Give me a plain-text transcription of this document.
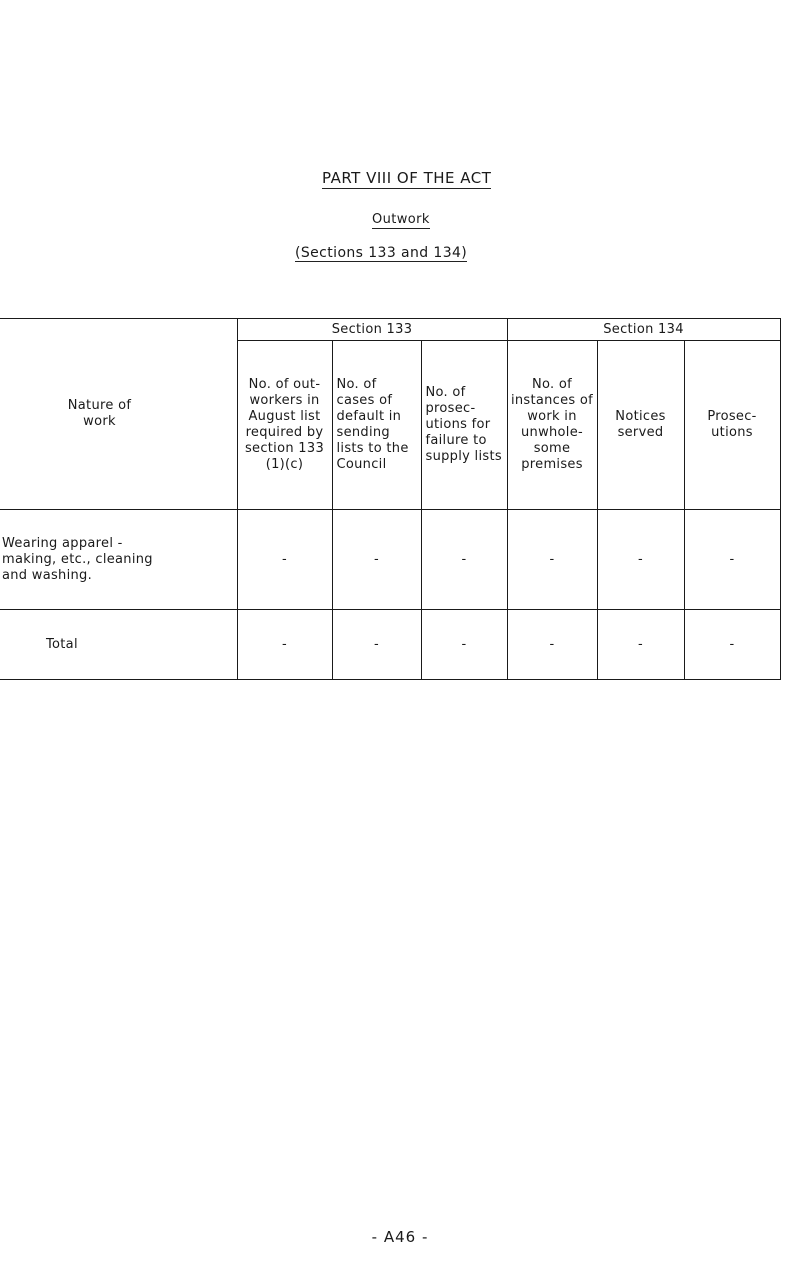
PART VIII OF THE ACT
Outwork
(Sections 133 and 134)
Nature of work	Section 133			Section 134		
	No. of out-workers in August list required by section 133 (1)(c)	No. of cases of default in sending lists to the Council	No. of prosec-utions for failure to supply lists	No. of instances of work in unwhole-some premises	Notices served	Prosec-utions
Wearing apparel - making, etc., cleaning and washing.	-	-	-	-	-	-
Total	-	-	-	-	-	-
- A46 -
